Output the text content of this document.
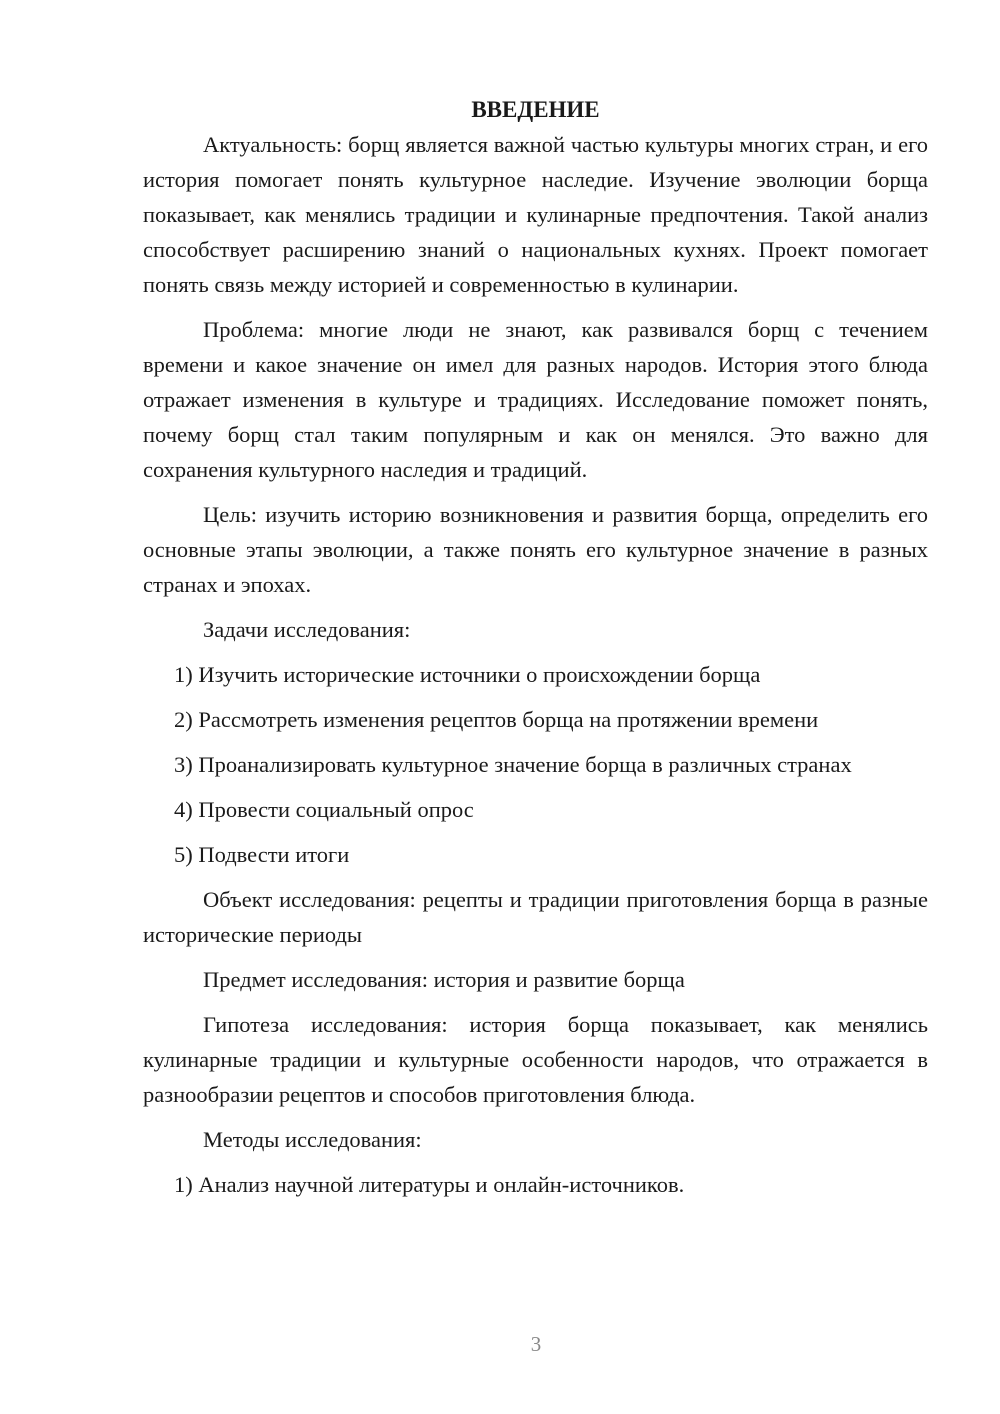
ВВЕДЕНИЕ

Актуальность: борщ является важной частью культуры многих стран, и его история помогает понять культурное наследие. Изучение эволюции борща показывает, как менялись традиции и кулинарные предпочтения. Такой анализ способствует расширению знаний о национальных кухнях. Проект помогает понять связь между историей и современностью в кулинарии.

Проблема: многие люди не знают, как развивался борщ с течением времени и какое значение он имел для разных народов. История этого блюда отражает изменения в культуре и традициях. Исследование поможет понять, почему борщ стал таким популярным и как он менялся. Это важно для сохранения культурного наследия и традиций.

Цель: изучить историю возникновения и развития борща, определить его основные этапы эволюции, а также понять его культурное значение в разных странах и эпохах.

Задачи исследования:

1) Изучить исторические источники о происхождении борща

2) Рассмотреть изменения рецептов борща на протяжении времени

3) Проанализировать культурное значение борща в различных странах

4) Провести социальный опрос

5) Подвести итоги

Объект исследования: рецепты и традиции приготовления борща в разные исторические периоды

Предмет исследования: история и развитие борща

Гипотеза исследования: история борща показывает, как менялись кулинарные традиции и культурные особенности народов, что отражается в разнообразии рецептов и способов приготовления блюда.

Методы исследования:

1) Анализ научной литературы и онлайн-источников.

3
